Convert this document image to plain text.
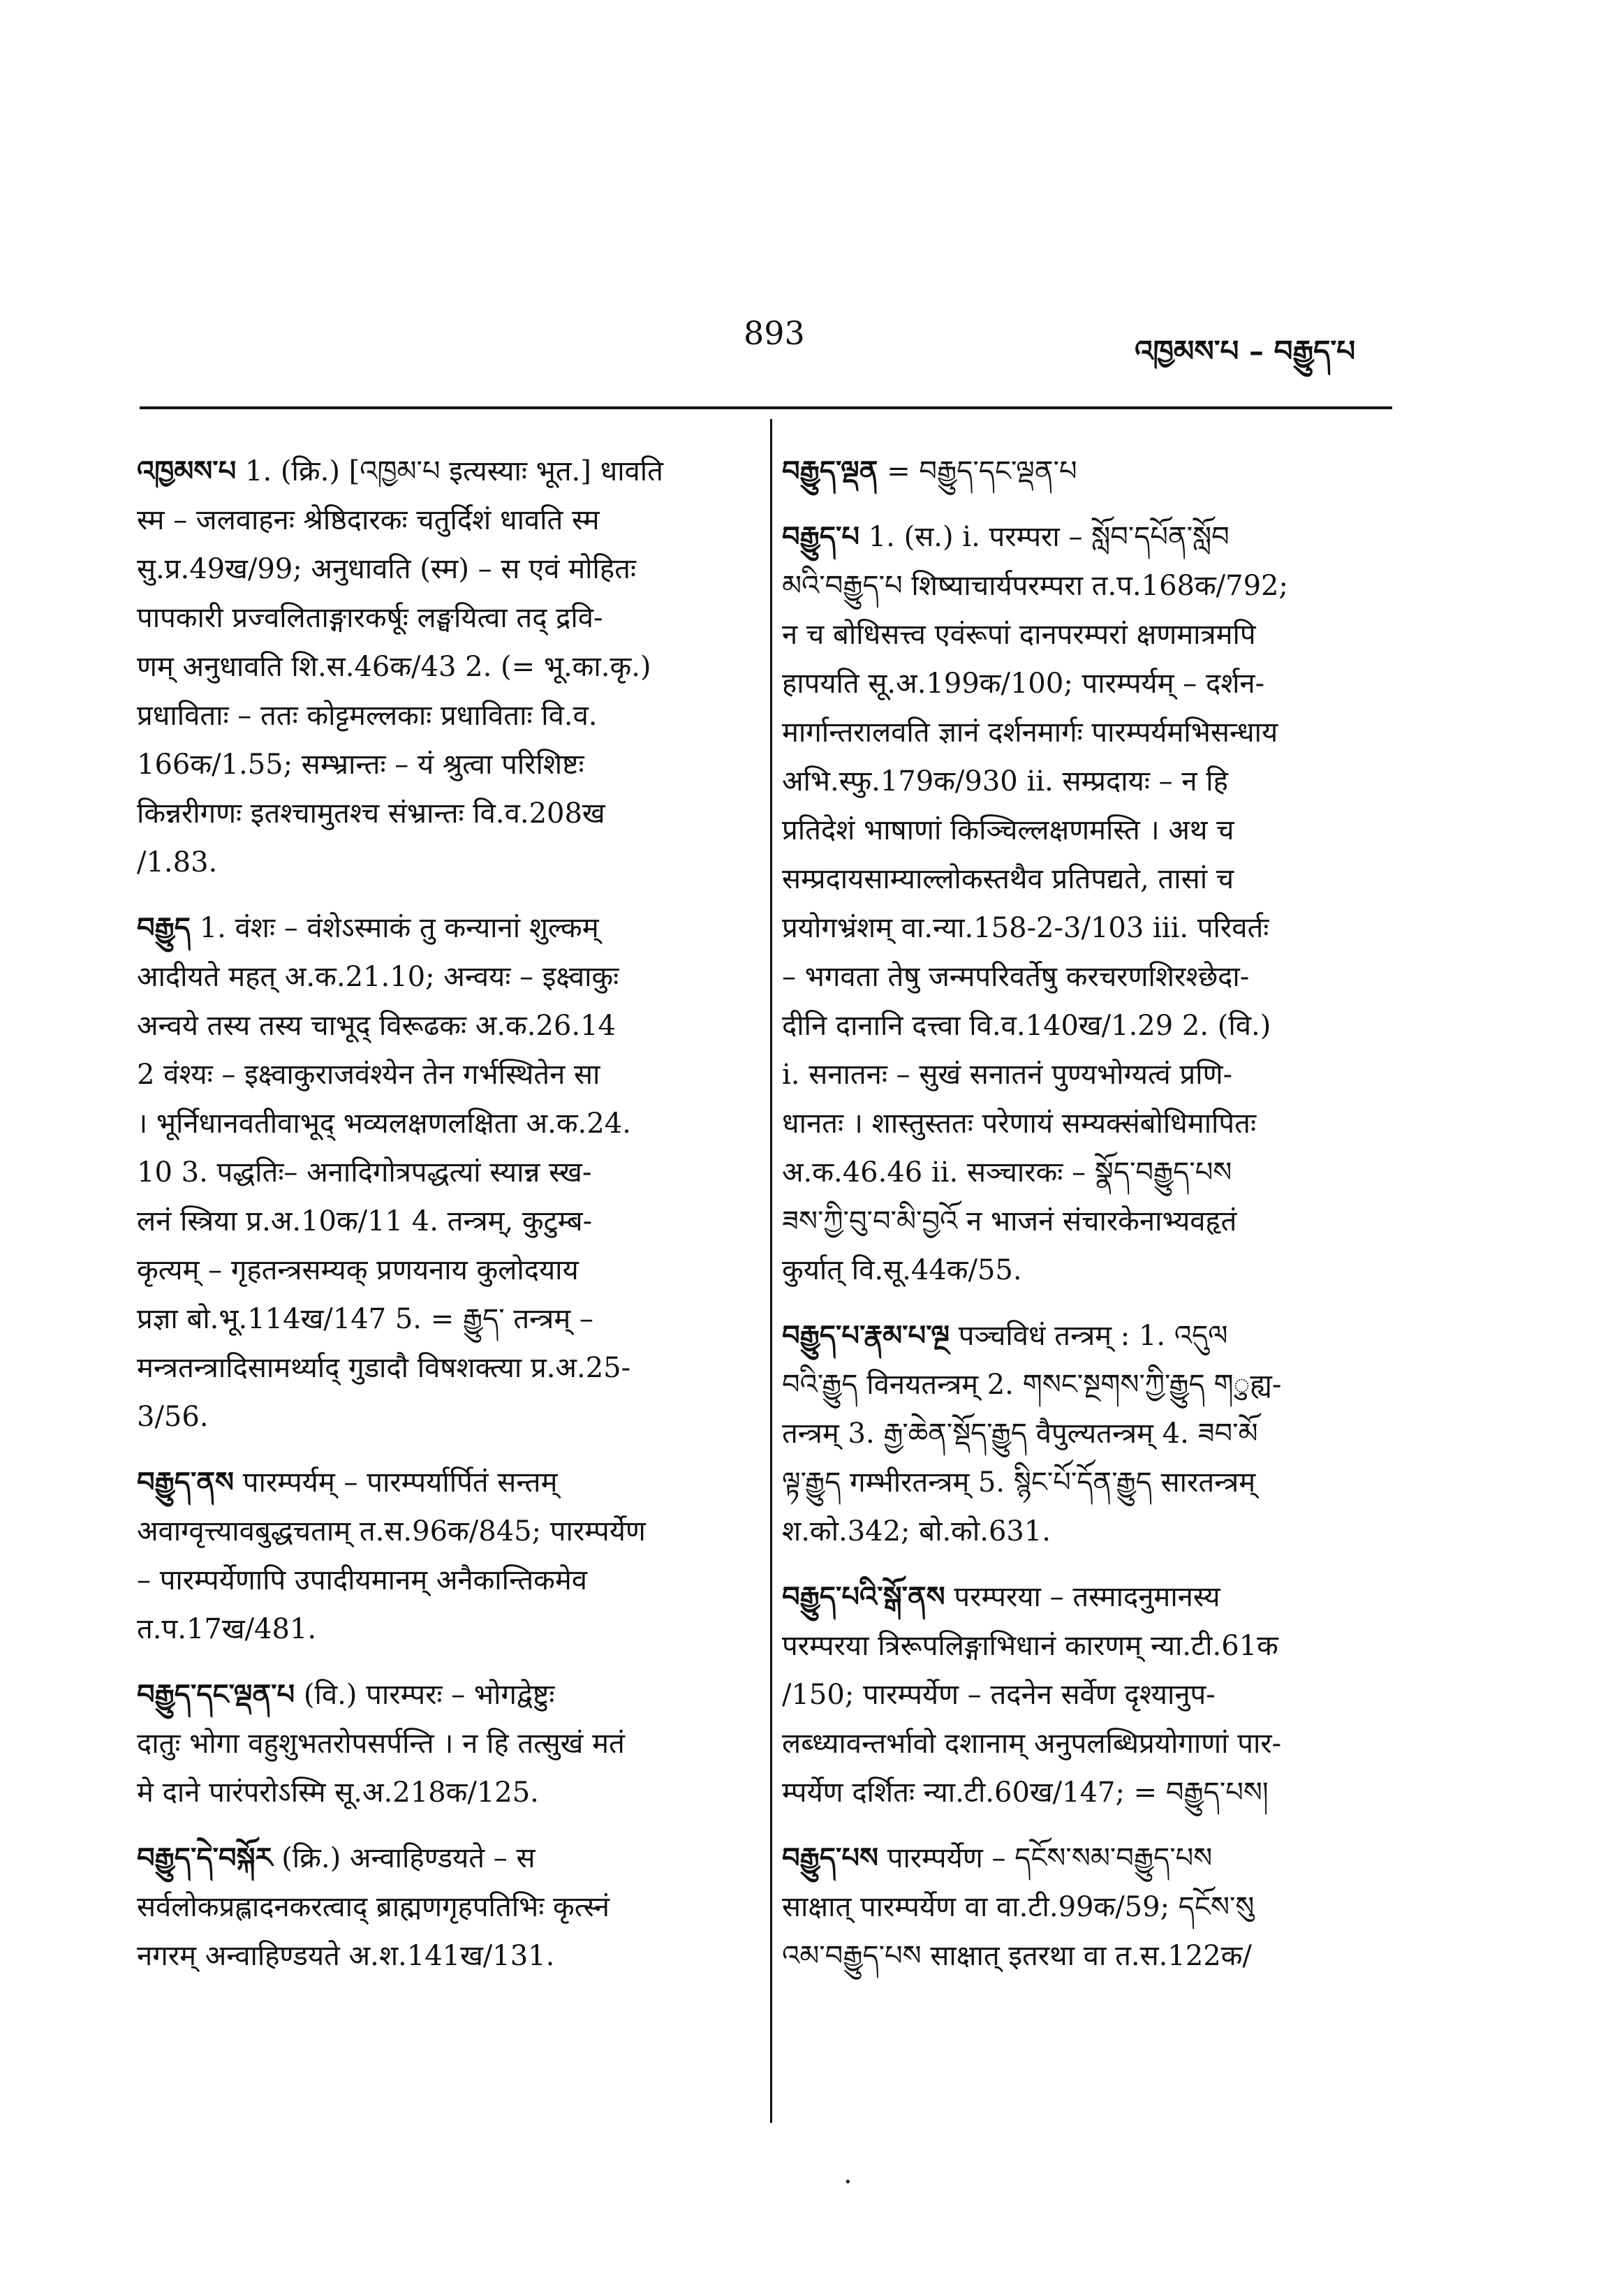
893	འཁྱམས་པ – བརྒྱུད་པ
འཁྱམས་པ 1. (क्रि.) [འཁྱམ་པ इत्यस्याः भूत.] धावति
स्म – जलवाहनः श्रेष्ठिदारकः चतुर्दिशं धावति स्म
सु.प्र.49ख/99; अनुधावति (स्म) – स एवं मोहितः
पापकारी प्रज्वलिताङ्गारकर्षूः लङ्घयित्वा तद् द्रवि-
णम् अनुधावति शि.स.46क/43 2. (= भू.का.कृ.)
प्रधाविताः – ततः कोट्टमल्लकाः प्रधाविताः वि.व.
166क/1.55; सम्भ्रान्तः – यं श्रुत्वा परिशिष्टः
किन्नरीगणः इतश्चामुतश्च संभ्रान्तः वि.व.208ख
/1.83.
བརྒྱུད 1. वंशः – वंशेऽस्माकं तु कन्यानां शुल्कम्
आदीयते महत् अ.क.21.10; अन्वयः – इक्ष्वाकुः
अन्वये तस्य तस्य चाभूद् विरूढकः अ.क.26.14
2 वंश्यः – इक्ष्वाकुराजवंश्येन तेन गर्भस्थितेन सा
। भूर्निधानवतीवाभूद् भव्यलक्षणलक्षिता अ.क.24.
10 3. पद्धतिः– अनादिगोत्रपद्धत्यां स्यान्न स्ख-
लनं स्त्रिया प्र.अ.10क/11 4. तन्त्रम्, कुटुम्ब-
कृत्यम् – गृहतन्त्रसम्यक् प्रणयनाय कुलोदयाय
प्रज्ञा बो.भू.114ख/147 5. = རྒྱུད་ तन्त्रम् –
मन्त्रतन्त्रादिसामर्थ्याद् गुडादौ विषशक्त्या प्र.अ.25-
3/56.
བརྒྱུད་ནས पारम्पर्यम् – पारम्पर्यार्पितं सन्तम्
अवाग्वृत्त्यावबुद्धचताम् त.स.96क/845; पारम्पर्येण
– पारम्पर्येणापि उपादीयमानम् अनैकान्तिकमेव
त.प.17ख/481.
བརྒྱུད་དང་ལྡན་པ (वि.) पारम्परः – भोगद्वेष्टुः
दातुः भोगा वहुशुभतरोपसर्पन्ति । न हि तत्सुखं मतं
मे दाने पारंपरोऽस्मि सू.अ.218क/125.
བརྒྱུད་དེ་བསྐོར (क्रि.) अन्वाहिण्डयते – स
सर्वलोकप्रह्लादनकरत्वाद् ब्राह्मणगृहपतिभिः कृत्स्नं
नगरम् अन्वाहिण्डयते अ.श.141ख/131.
བརྒྱུད་ལྡན = བརྒྱུད་དང་ལྡན་པ
བརྒྱུད་པ 1. (स.) i. परम्परा – སློབ་དཔོན་སློབ
མའི་བརྒྱུད་པ शिष्याचार्यपरम्परा त.प.168क/792;
न च बोधिसत्त्व एवंरूपां दानपरम्परां क्षणमात्रमपि
हापयति सू.अ.199क/100; पारम्पर्यम् – दर्शन-
मार्गान्तरालवति ज्ञानं दर्शनमार्गः पारम्पर्यमभिसन्धाय
अभि.स्फु.179क/930 ii. सम्प्रदायः – न हि
प्रतिदेशं भाषाणां किञ्चिल्लक्षणमस्ति । अथ च
सम्प्रदायसाम्याल्लोकस्तथैव प्रतिपद्यते, तासां च
प्रयोगभ्रंशम् वा.न्या.158-2-3/103 iii. परिवर्तः
– भगवता तेषु जन्मपरिवर्तेषु करचरणशिरश्छेदा-
दीनि दानानि दत्त्वा वि.व.140ख/1.29 2. (वि.)
i. सनातनः – सुखं सनातनं पुण्यभोग्यत्वं प्रणि-
धानतः । शास्तुस्ततः परेणायं सम्यक्संबोधिमापितः
अ.क.46.46 ii. सञ्चारकः – སྣོད་བརྒྱུད་པས
ཟས་ཀྱི་བུ་བ་མི་བྱའོ न भाजनं संचारकेनाभ्यवहृतं
कुर्यात् वि.सू.44क/55.
བརྒྱུད་པ་རྣམ་པ་ལྔ पञ्चविधं तन्त्रम् : 1. འདུལ
བའི་རྒྱུད विनयतन्त्रम् 2. གསང་སྔགས་ཀྱི་རྒྱུད གुह्य-
तन्त्रम् 3. རྒྱ་ཆེན་སྡོད་རྒྱུད वैपुल्यतन्त्रम् 4. ཟབ་མོ
ལྟ་རྒྱུད गम्भीरतन्त्रम् 5. སྙིང་པོ་དོན་རྒྱུད सारतन्त्रम्
श.को.342; बो.को.631.
བརྒྱུད་པའི་སྒོ་ནས परम्परया – तस्मादनुमानस्य
परम्परया त्रिरूपलिङ्गाभिधानं कारणम् न्या.टी.61क
/150; पारम्पर्येण – तदनेन सर्वेण दृश्यानुप-
लब्ध्यावन्तर्भावो दशानाम् अनुपलब्धिप्रयोगाणां पार-
म्पर्येण दर्शितः न्या.टी.60ख/147; = བརྒྱུད་པས།
བརྒྱུད་པས पारम्पर्येण – དངོས་སམ་བརྒྱུད་པས
साक्षात् पारम्पर्येण वा वा.टी.99क/59; དངོས་སུ
འམ་བརྒྱུད་པས साक्षात् इतरथा वा त.स.122क/
.
